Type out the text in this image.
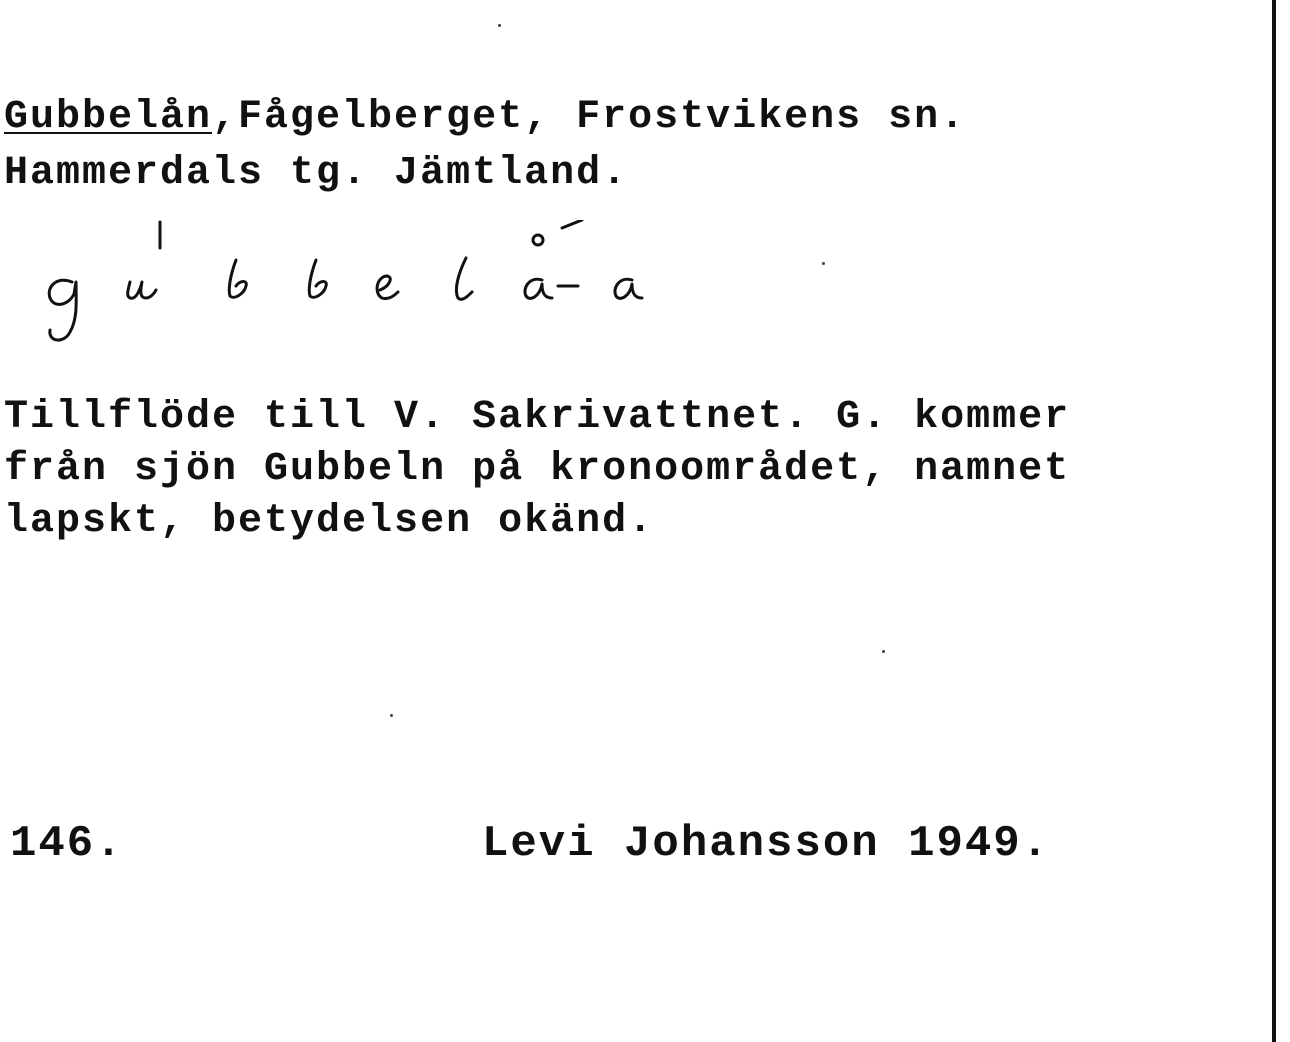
Gubbelån,Fågelberget, Frostvikens sn.
Hammerdals tg. Jämtland.
Tillflöde till V. Sakrivattnet. G. kommer
från sjön Gubbeln på kronoområdet, namnet
lapskt, betydelsen okänd.
146.	Levi Johansson 1949.
